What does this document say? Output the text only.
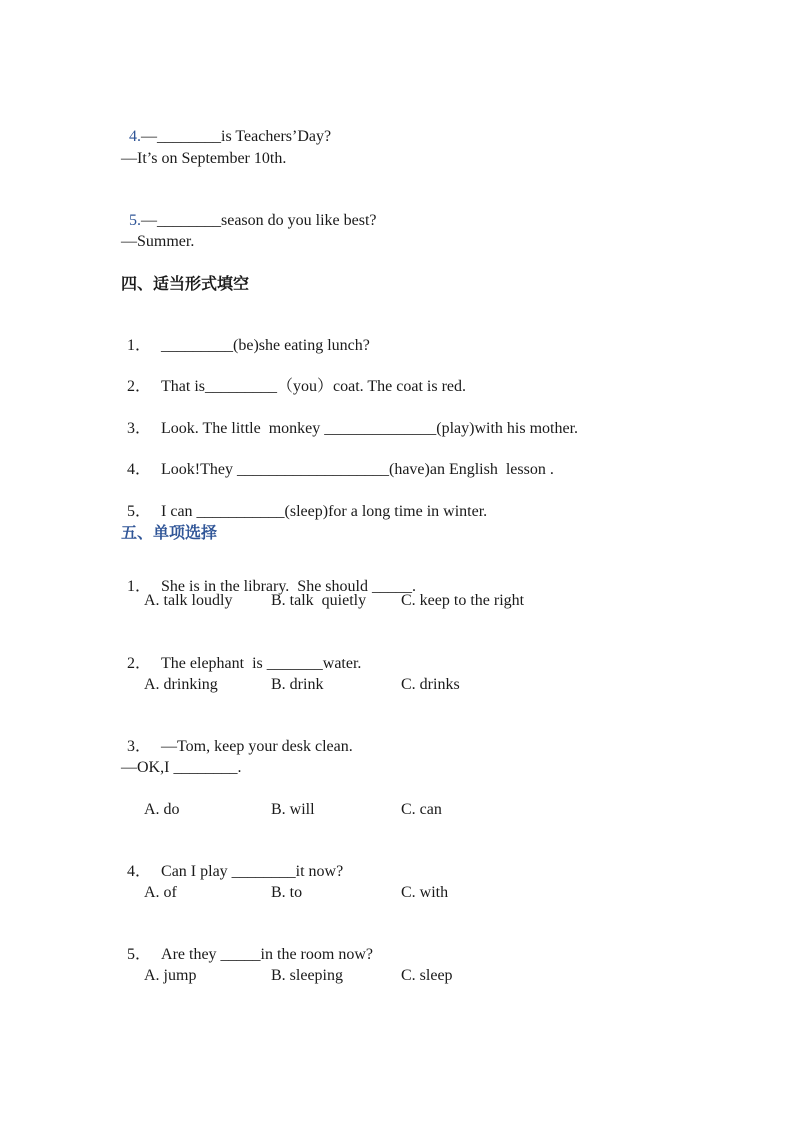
4.—________is Teachers’Day?

—It’s on September 10th.

5.—________season do you like best?

—Summer.
四、适当形式填空

1． _________(be)she eating lunch?

2． That is_________（you）coat. The coat is red.

3． Look. The little  monkey ______________(play)with his mother.

4． Look!They ___________________(have)an English  lesson .

5． I can ___________(sleep)for a long time in winter.

五、单项选择

1． She is in the library.  She should _____.

A. talk loudly B. talk  quietly C. keep to the right

2． The elephant  is _______water.

A. drinking	B. drink	C. drinks

3． —Tom, keep your desk clean.

—OK,I ________.
A. do	B. will	C. can

4． Can I play ________it now?

A. of	B. to	C. with

5． Are they _____in the room now?

A. jump	B. sleeping	C. sleep
